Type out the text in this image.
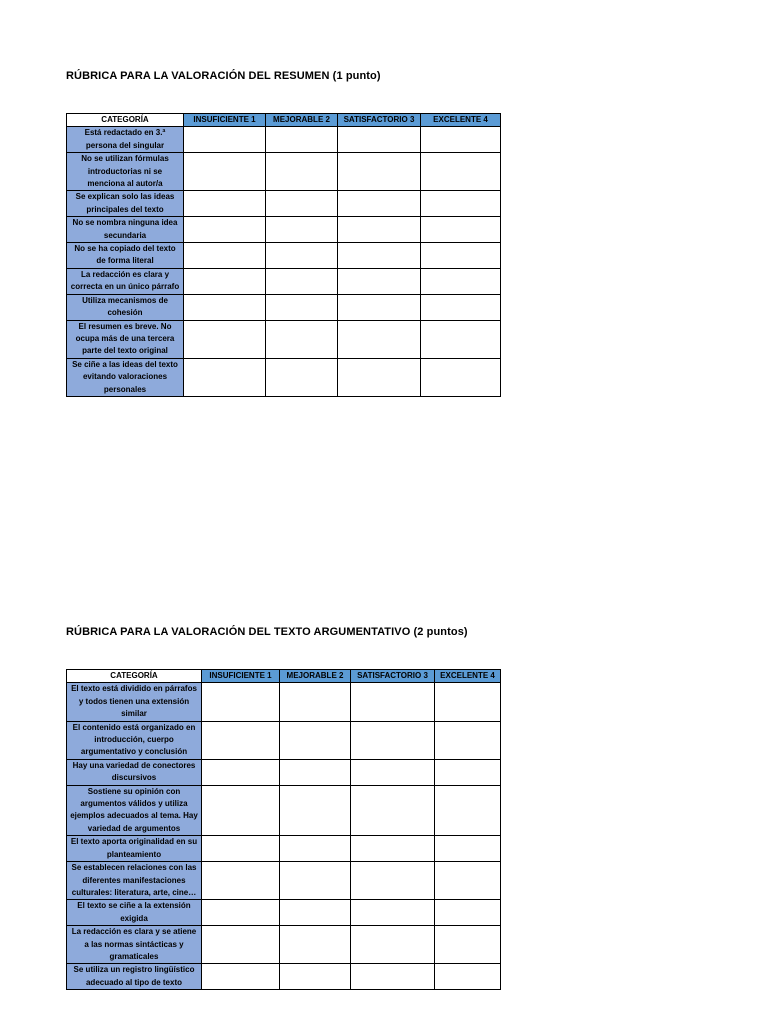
RÚBRICA PARA LA VALORACIÓN DEL RESUMEN (1 punto)
CATEGORÍA	INSUFICIENTE 1	MEJORABLE 2	SATISFACTORIO 3	EXCELENTE 4
Está redactado en 3.ª persona del singular				
No se utilizan fórmulas introductorias ni se menciona al autor/a				
Se explican solo las ideas principales del texto				
No se nombra ninguna idea secundaria				
No se ha copiado del texto de forma literal				
La redacción es clara y correcta en un único párrafo				
Utiliza mecanismos de cohesión				
El resumen es breve. No ocupa más de una tercera parte del texto original				
Se ciñe a las ideas del texto evitando valoraciones personales				
RÚBRICA PARA LA VALORACIÓN DEL TEXTO ARGUMENTATIVO (2 puntos)
CATEGORÍA	INSUFICIENTE 1	MEJORABLE 2	SATISFACTORIO 3	EXCELENTE 4
El texto está dividido en párrafos y todos tienen una extensión similar				
El contenido está organizado en introducción, cuerpo argumentativo y conclusión				
Hay una variedad de conectores discursivos				
Sostiene su opinión con argumentos válidos y utiliza ejemplos adecuados al tema. Hay variedad de argumentos				
El texto aporta originalidad en su planteamiento				
Se establecen relaciones con las diferentes manifestaciones culturales: literatura, arte, cine…				
El texto se ciñe a la extensión exigida				
La redacción es clara y se atiene a las normas sintácticas y gramaticales				
Se utiliza un registro lingüístico adecuado al tipo de texto				
